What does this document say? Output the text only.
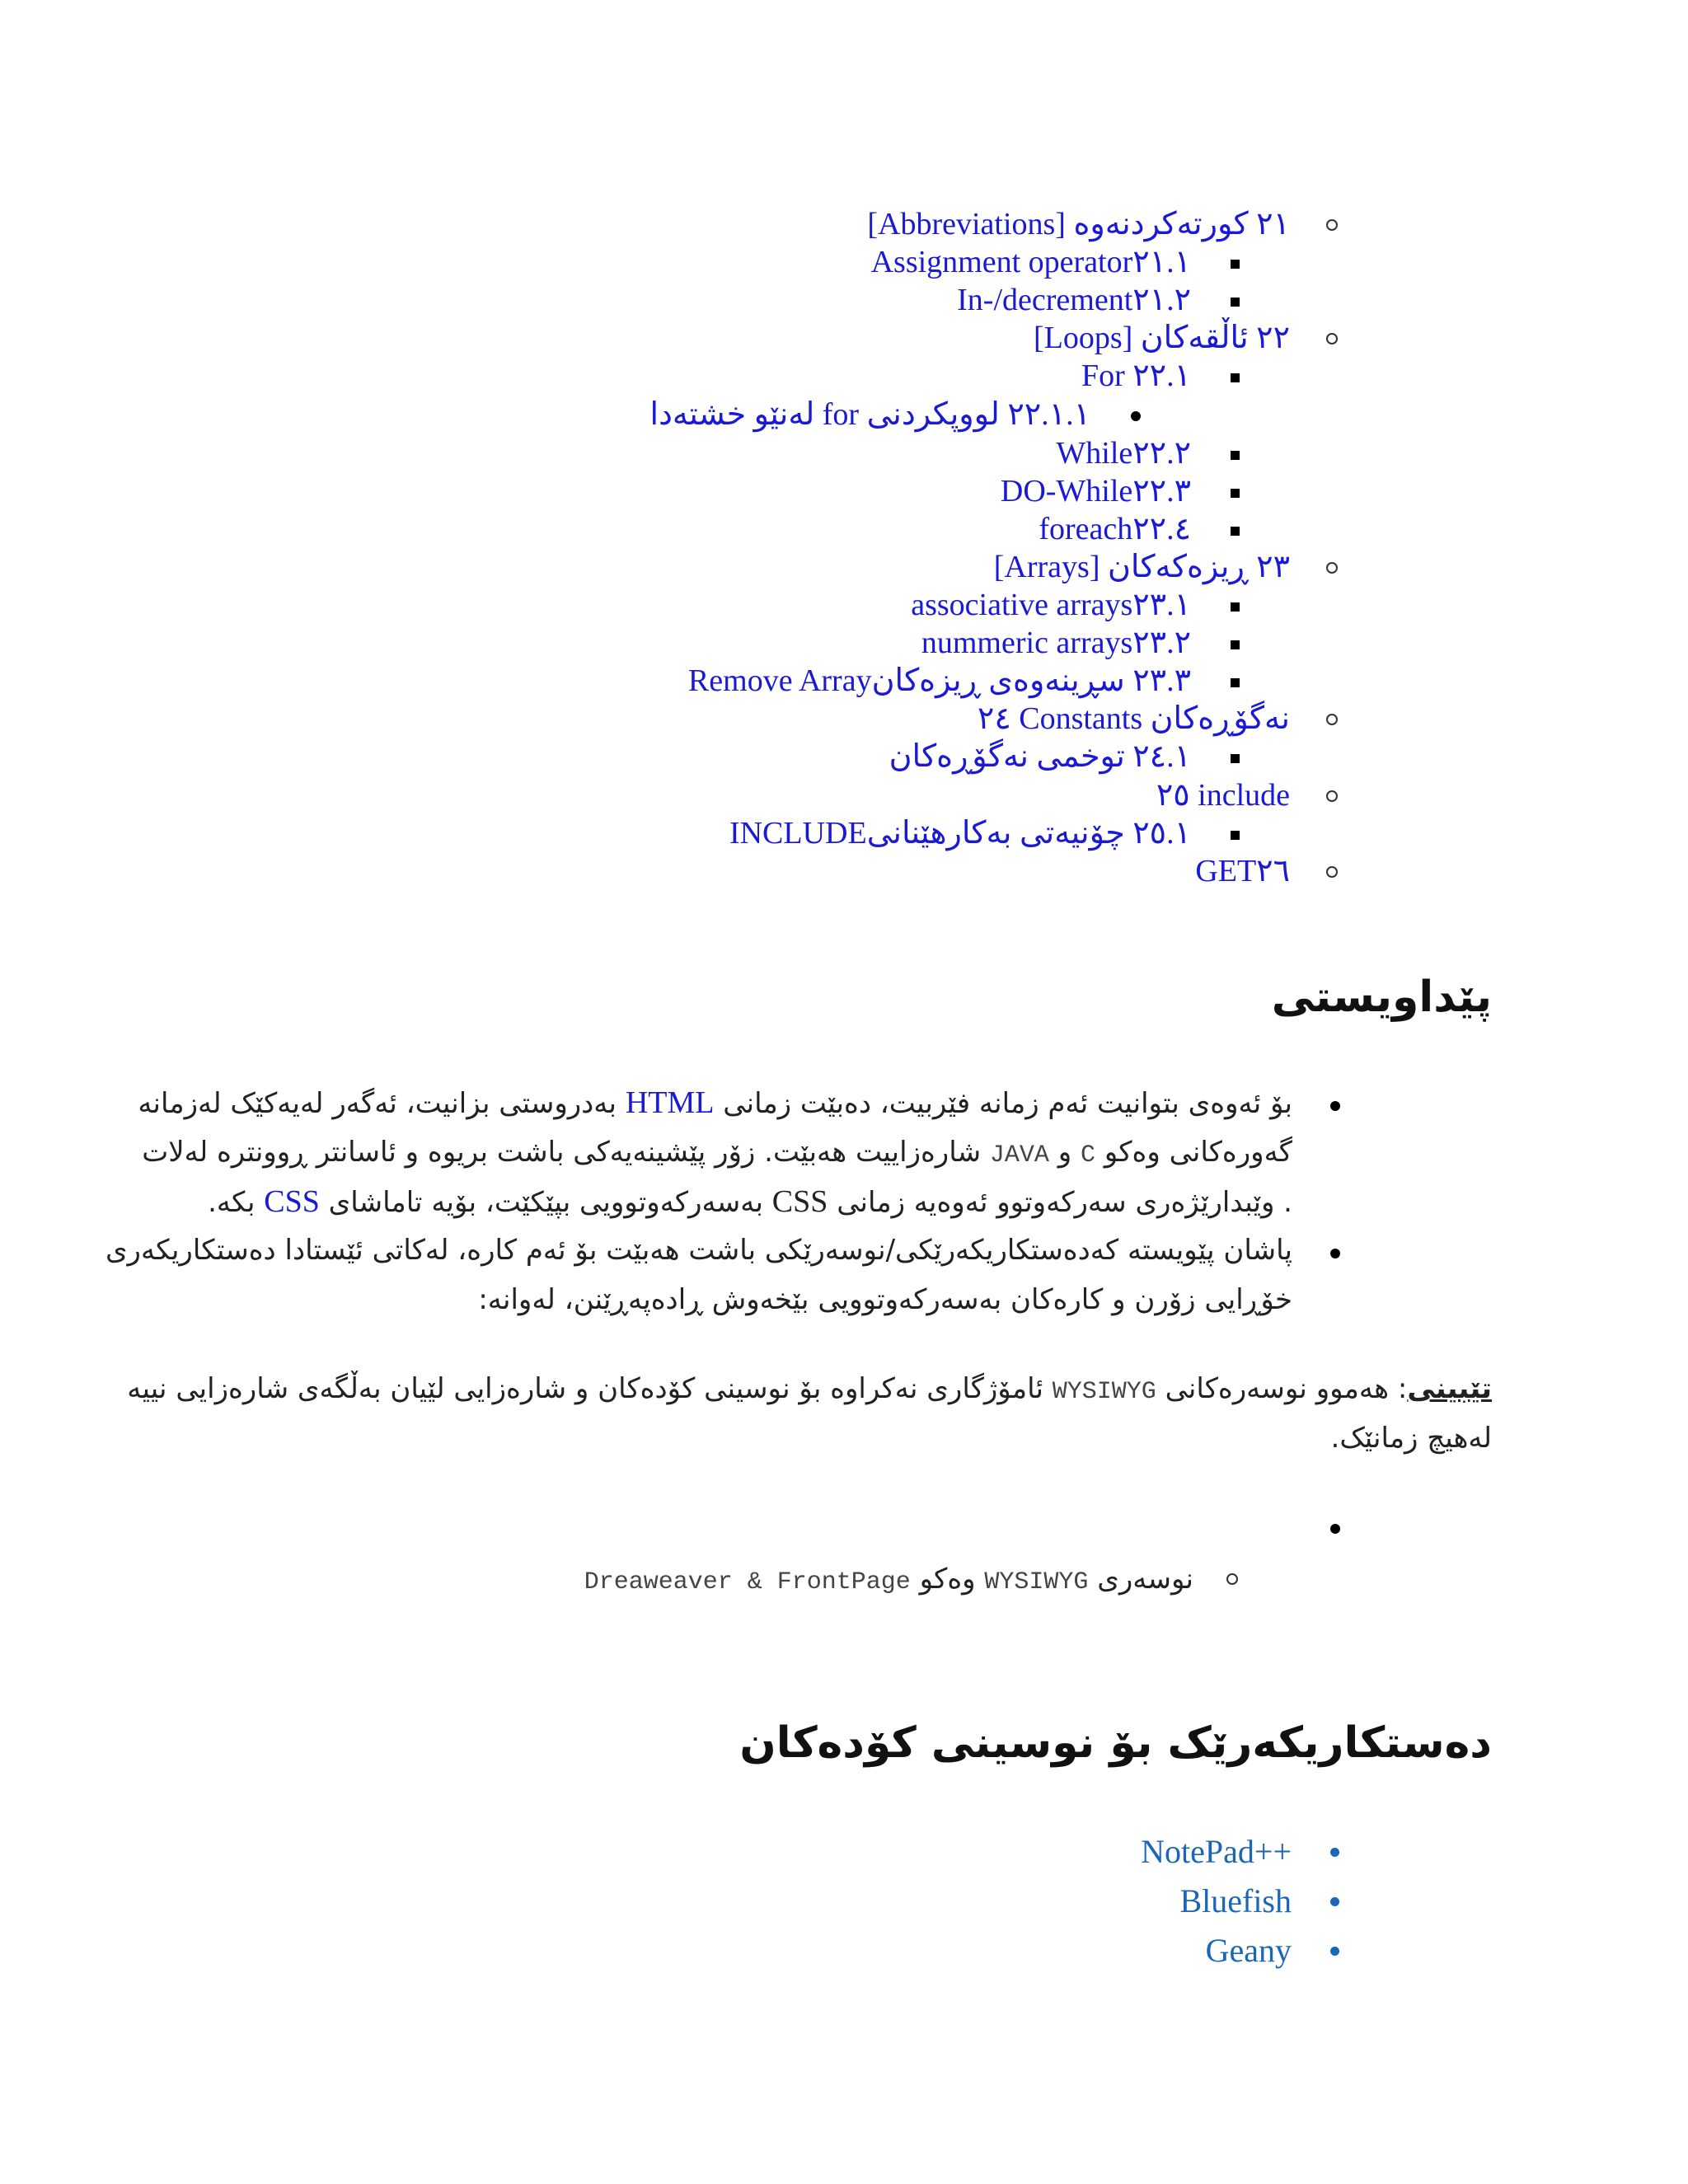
٢١ کورتەکردنەوە [Abbreviations]
Assignment operator٢١.١
In-/decrement٢١.٢
٢٢ ئاڵقەکان [Loops]
For ٢٢.١
٢٢.١.١ لووپکردنی for لەنێو خشتەدا
While٢٢.٢
DO-While٢٢.٣
foreach٢٢.٤
٢٣ ڕیزەکەکان [Arrays]
associative arrays٢٣.١
nummeric arrays٢٣.٢
٢٣.٣ سڕینەوەی ڕیزەکانRemove Array
٢٤ Constants نەگۆڕەکان
٢٤.١ توخمی نەگۆڕەکان
٢٥ include
٢٥.١ چۆنیەتی بەکارهێنانیINCLUDE
GET٢٦
پێداویستی
بۆ ئەوەی بتوانیت ئەم زمانە فێربیت، دەبێت زمانی HTML بەدروستی بزانیت، ئەگەر لەیەکێک لەزمانە
گەورەکانی وەکو C و JAVA شارەزاییت هەبێت. زۆر پێشینەیەکی باشت بریوە و ئاسانتر ڕوونترە لەلات
. وێبدارێژەری سەرکەوتوو ئەوەیە زمانی CSS بەسەرکەوتوویی بپێکێت، بۆیە تاماشای CSS بکە.
پاشان پێویستە کەدەستکاریکەرێکی/نوسەرێکی باشت هەبێت بۆ ئەم کارە، لەکاتی ئێستادا دەستکاریکەری
خۆڕایی زۆرن و کارەکان بەسەرکەوتوویی بێخەوش ڕادەپەڕێنن، لەوانە:
تێبینی: هەموو نوسەرەکانی WYSIWYG ئامۆژگاری نەکراوە بۆ نوسینی کۆدەکان و شارەزایی لێیان بەڵگەی شارەزایی نییە
لەهیچ زمانێک.
نوسەری WYSIWYG وەکو Dreaweaver & FrontPage
دەستکاریکەرێک بۆ نوسینی کۆدەکان
NotePad++
Bluefish
Geany
